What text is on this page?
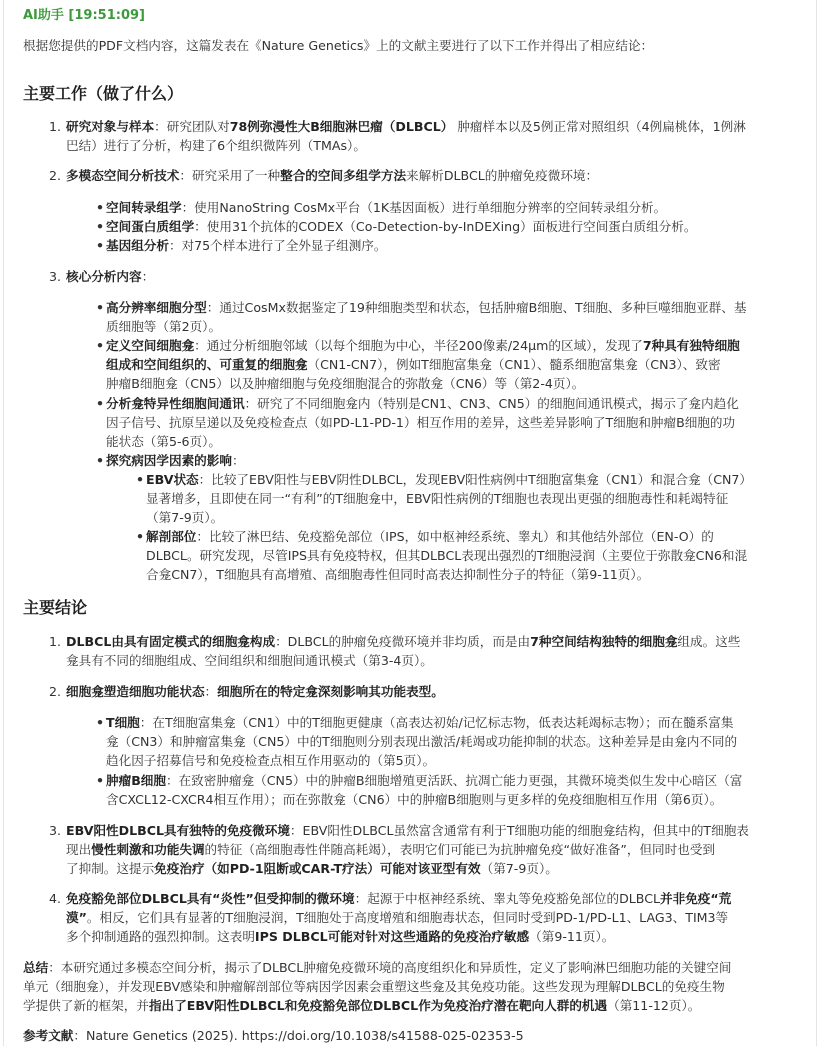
AI助手 [19:51:09]
根据您提供的PDF文档内容，这篇发表在《Nature Genetics》上的文献主要进行了以下工作并得出了相应结论：
主要工作（做了什么）
1. 研究对象与样本：研究团队对78例弥漫性大B细胞淋巴瘤（DLBCL） 肿瘤样本以及5例正常对照组织（4例扁桃体，1例淋
巴结）进行了分析，构建了6个组织微阵列（TMAs）。
2. 多模态空间分析技术：研究采用了一种整合的空间多组学方法来解析DLBCL的肿瘤免疫微环境：
• 空间转录组学：使用NanoString CosMx平台（1K基因面板）进行单细胞分辨率的空间转录组分析。
• 空间蛋白质组学：使用31个抗体的CODEX（Co-Detection-by-InDEXing）面板进行空间蛋白质组分析。
• 基因组分析：对75个样本进行了全外显子组测序。
3. 核心分析内容：
• 高分辨率细胞分型：通过CosMx数据鉴定了19种细胞类型和状态，包括肿瘤B细胞、T细胞、多种巨噬细胞亚群、基
质细胞等（第2页）。
• 定义空间细胞龛：通过分析细胞邻域（以每个细胞为中心，半径200像素/24μm的区域），发现了7种具有独特细胞
组成和空间组织的、可重复的细胞龛（CN1-CN7），例如T细胞富集龛（CN1）、髓系细胞富集龛（CN3）、致密
肿瘤B细胞龛（CN5）以及肿瘤细胞与免疫细胞混合的弥散龛（CN6）等（第2-4页）。
• 分析龛特异性细胞间通讯：研究了不同细胞龛内（特别是CN1、CN3、CN5）的细胞间通讯模式，揭示了龛内趋化
因子信号、抗原呈递以及免疫检查点（如PD-L1-PD-1）相互作用的差异，这些差异影响了T细胞和肿瘤B细胞的功
能状态（第5-6页）。
• 探究病因学因素的影响：
• EBV状态：比较了EBV阳性与EBV阴性DLBCL，发现EBV阳性病例中T细胞富集龛（CN1）和混合龛（CN7）
显著增多，且即使在同一“有利”的T细胞龛中，EBV阳性病例的T细胞也表现出更强的细胞毒性和耗竭特征
（第7-9页）。
• 解剖部位：比较了淋巴结、免疫豁免部位（IPS，如中枢神经系统、睾丸）和其他结外部位（EN-O）的
DLBCL。研究发现，尽管IPS具有免疫特权，但其DLBCL表现出强烈的T细胞浸润（主要位于弥散龛CN6和混
合龛CN7），T细胞具有高增殖、高细胞毒性但同时高表达抑制性分子的特征（第9-11页）。
主要结论
1. DLBCL由具有固定模式的细胞龛构成：DLBCL的肿瘤免疫微环境并非均质，而是由7种空间结构独特的细胞龛组成。这些
龛具有不同的细胞组成、空间组织和细胞间通讯模式（第3-4页）。
2. 细胞龛塑造细胞功能状态：细胞所在的特定龛深刻影响其功能表型。
• T细胞：在T细胞富集龛（CN1）中的T细胞更健康（高表达初始/记忆标志物，低表达耗竭标志物）；而在髓系富集
龛（CN3）和肿瘤富集龛（CN5）中的T细胞则分别表现出激活/耗竭或功能抑制的状态。这种差异是由龛内不同的
趋化因子招募信号和免疫检查点相互作用驱动的（第5页）。
• 肿瘤B细胞：在致密肿瘤龛（CN5）中的肿瘤B细胞增殖更活跃、抗凋亡能力更强，其微环境类似生发中心暗区（富
含CXCL12-CXCR4相互作用）；而在弥散龛（CN6）中的肿瘤B细胞则与更多样的免疫细胞相互作用（第6页）。
3. EBV阳性DLBCL具有独特的免疫微环境：EBV阳性DLBCL虽然富含通常有利于T细胞功能的细胞龛结构，但其中的T细胞表
现出慢性刺激和功能失调的特征（高细胞毒性伴随高耗竭），表明它们可能已为抗肿瘤免疫“做好准备”，但同时也受到
了抑制。这提示免疫治疗（如PD-1阻断或CAR-T疗法）可能对该亚型有效（第7-9页）。
4. 免疫豁免部位DLBCL具有“炎性”但受抑制的微环境：起源于中枢神经系统、睾丸等免疫豁免部位的DLBCL并非免疫“荒
漠”。相反，它们具有显著的T细胞浸润，T细胞处于高度增殖和细胞毒状态，但同时受到PD-1/PD-L1、LAG3、TIM3等
多个抑制通路的强烈抑制。这表明IPS DLBCL可能对针对这些通路的免疫治疗敏感（第9-11页）。
总结：本研究通过多模态空间分析，揭示了DLBCL肿瘤免疫微环境的高度组织化和异质性，定义了影响淋巴细胞功能的关键空间
单元（细胞龛），并发现EBV感染和肿瘤解剖部位等病因学因素会重塑这些龛及其免疫功能。这些发现为理解DLBCL的免疫生物
学提供了新的框架，并指出了EBV阳性DLBCL和免疫豁免部位DLBCL作为免疫治疗潜在靶向人群的机遇（第11-12页）。
参考文献：Nature Genetics (2025). https://doi.org/10.1038/s41588-025-02353-5
